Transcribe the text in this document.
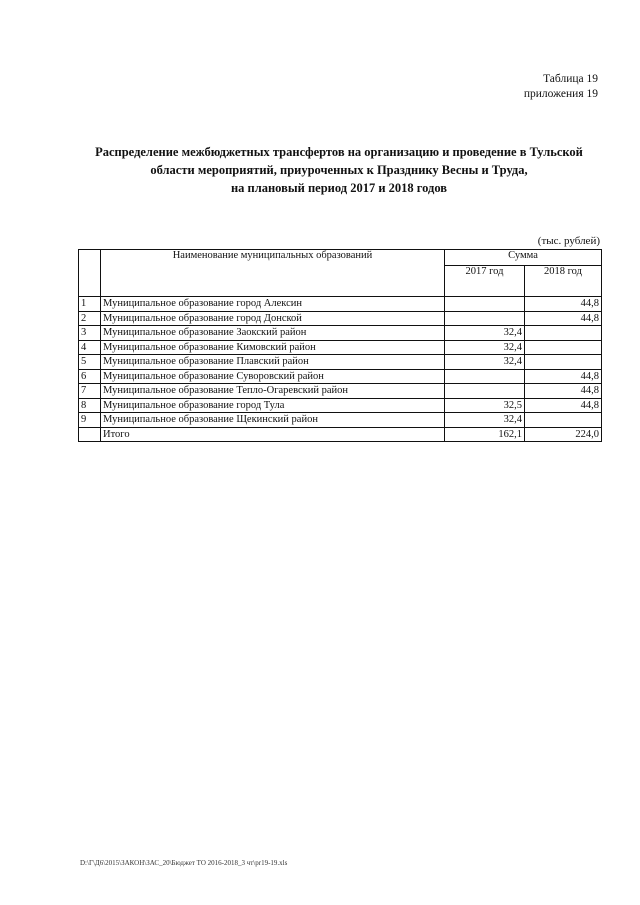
Таблица 19
приложения 19
Распределение межбюджетных трансфертов на организацию и проведение в Тульской
области мероприятий, приуроченных к Празднику Весны и Труда,
на плановый период 2017 и 2018 годов
(тыс. рублей)
	Наименование муниципальных образований	Сумма	
		2017 год	2018 год
1	Муниципальное образование город Алексин		44,8
2	Муниципальное образование город Донской		44,8
3	Муниципальное образование Заокский район	32,4	
4	Муниципальное образование Кимовский район	32,4	
5	Муниципальное образование Плавский район	32,4	
6	Муниципальное образование Суворовский район		44,8
7	Муниципальное образование Тепло-Огаревский район		44,8
8	Муниципальное образование город Тула	32,5	44,8
9	Муниципальное образование Щекинский район	32,4	
	Итого	162,1	224,0
D:\Г\Д6\2015\ЗАКОН\ЗАС_20\Бюджет ТО 2016-2018_3 чт\pr19-19.xls
